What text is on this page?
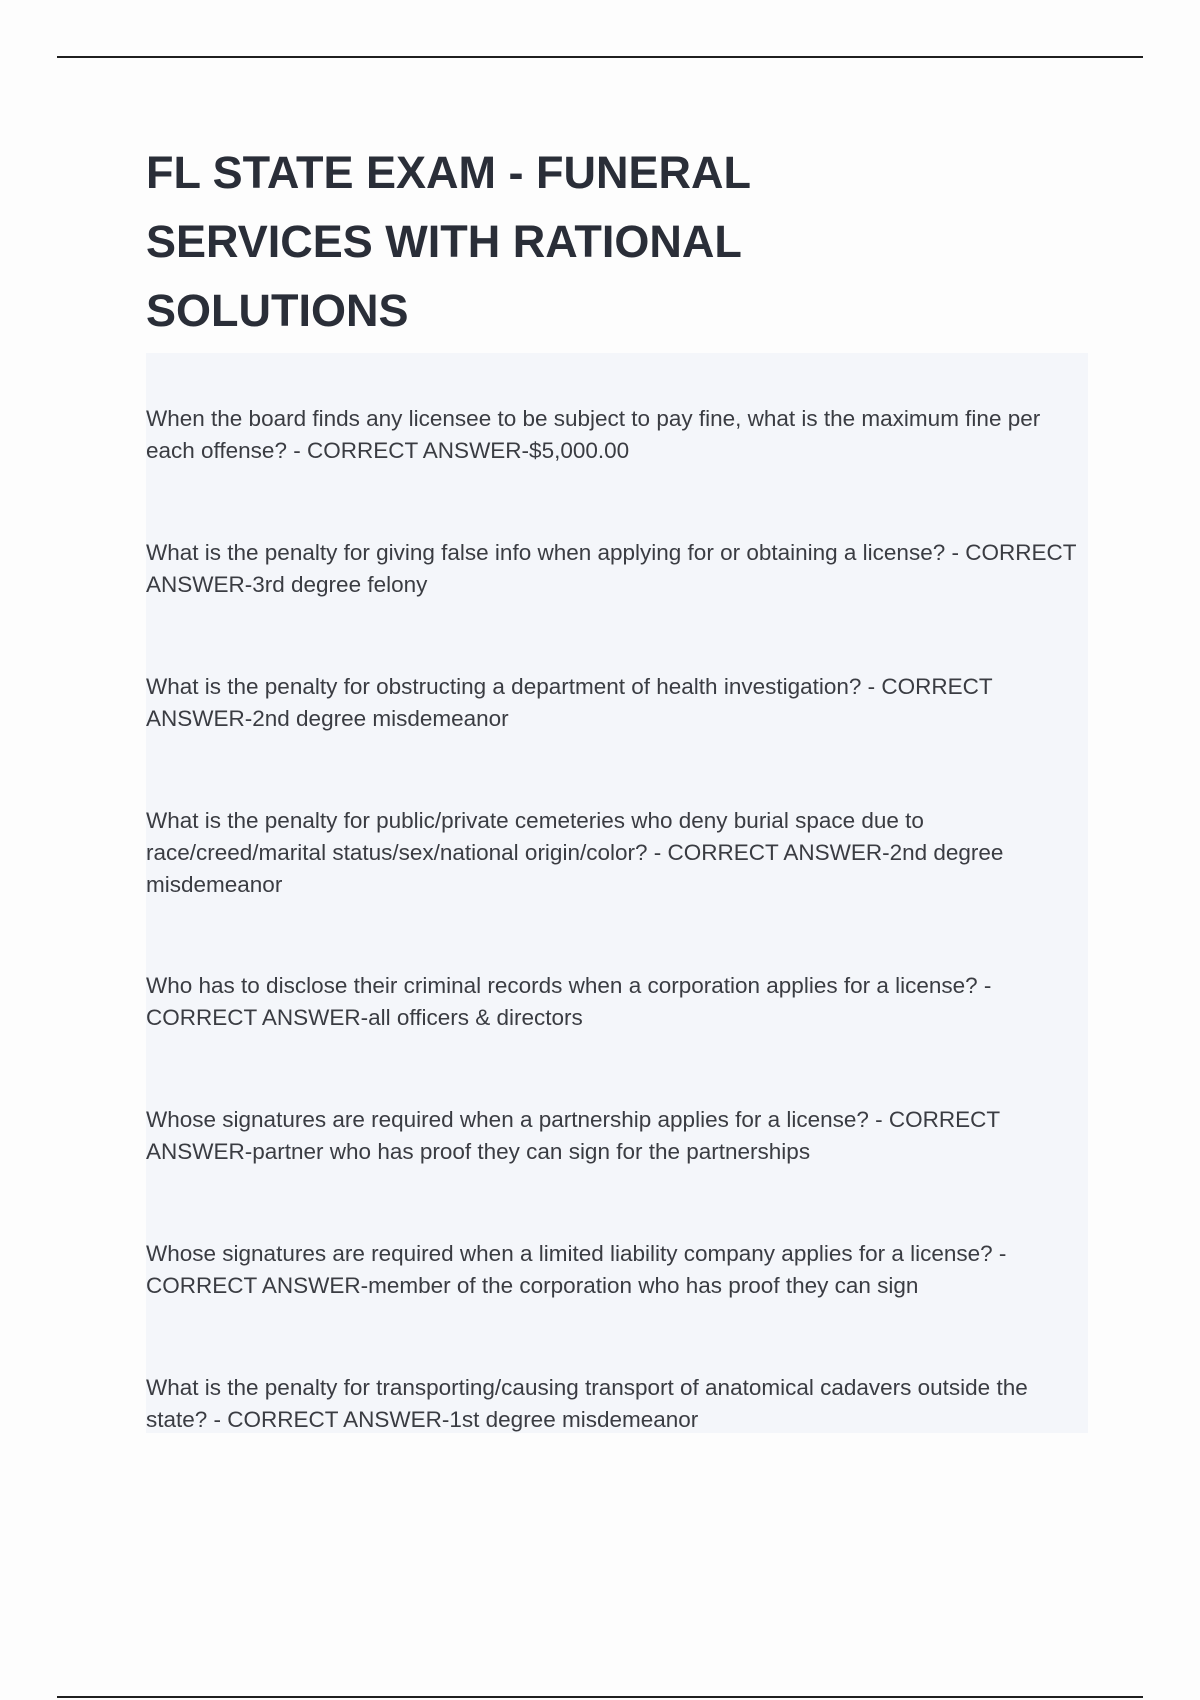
FL STATE EXAM - FUNERAL SERVICES WITH RATIONAL SOLUTIONS

When the board finds any licensee to be subject to pay fine, what is the maximum fine per each offense? - CORRECT ANSWER-$5,000.00

What is the penalty for giving false info when applying for or obtaining a license? - CORRECT ANSWER-3rd degree felony

What is the penalty for obstructing a department of health investigation? - CORRECT ANSWER-2nd degree misdemeanor

What is the penalty for public/private cemeteries who deny burial space due to race/creed/marital status/sex/national origin/color? - CORRECT ANSWER-2nd degree misdemeanor

Who has to disclose their criminal records when a corporation applies for a license? - CORRECT ANSWER-all officers & directors

Whose signatures are required when a partnership applies for a license? - CORRECT ANSWER-partner who has proof they can sign for the partnerships

Whose signatures are required when a limited liability company applies for a license? - CORRECT ANSWER-member of the corporation who has proof they can sign

What is the penalty for transporting/causing transport of anatomical cadavers outside the state? - CORRECT ANSWER-1st degree misdemeanor
